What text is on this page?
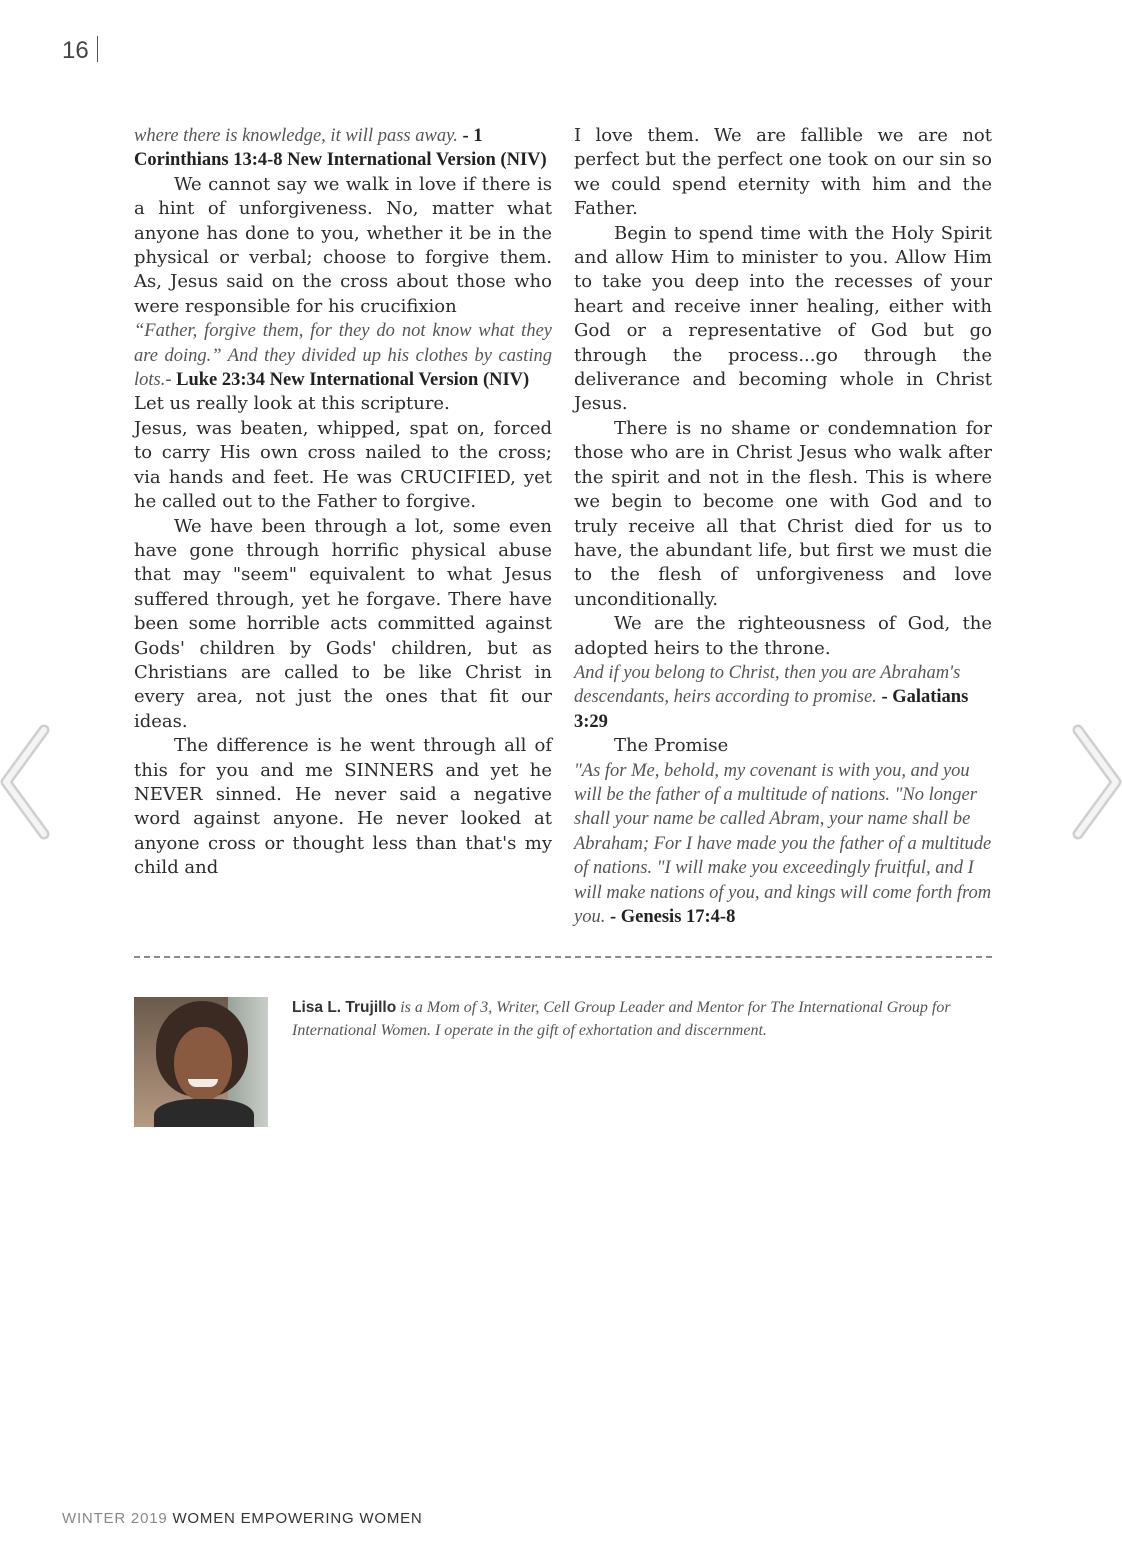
16

where there is knowledge, it will pass away. - 1 Corinthians 13:4-8 New International Version (NIV)

We cannot say we walk in love if there is a hint of unforgiveness. No, matter what anyone has done to you, whether it be in the physical or verbal; choose to forgive them. As, Jesus said on the cross about those who were responsible for his crucifixion

“Father, forgive them, for they do not know what they are doing.” And they divided up his clothes by casting lots.- Luke 23:34 New International Version (NIV)

Let us really look at this scripture.

Jesus, was beaten, whipped, spat on, forced to carry His own cross nailed to the cross; via hands and feet. He was CRUCIFIED, yet he called out to the Father to forgive.

We have been through a lot, some even have gone through horrific physical abuse that may "seem" equivalent to what Jesus suffered through, yet he forgave. There have been some horrible acts committed against Gods' children by Gods' children, but as Christians are called to be like Christ in every area, not just the ones that fit our ideas.

The difference is he went through all of this for you and me SINNERS and yet he NEVER sinned. He never said a negative word against anyone. He never looked at anyone cross or thought less than that's my child and

I love them. We are fallible we are not perfect but the perfect one took on our sin so we could spend eternity with him and the Father.

Begin to spend time with the Holy Spirit and allow Him to minister to you. Allow Him to take you deep into the recesses of your heart and receive inner healing, either with God or a representative of God but go through the process...go through the deliverance and becoming whole in Christ Jesus.

There is no shame or condemnation for those who are in Christ Jesus who walk after the spirit and not in the flesh. This is where we begin to become one with God and to truly receive all that Christ died for us to have, the abundant life, but first we must die to the flesh of unforgiveness and love unconditionally.

We are the righteousness of God, the adopted heirs to the throne.

And if you belong to Christ, then you are Abraham's descendants, heirs according to promise. - Galatians 3:29

The Promise

"As for Me, behold, my covenant is with you, and you will be the father of a multitude of nations. "No longer shall your name be called Abram, your name shall be Abraham; For I have made you the father of a multitude of nations. "I will make you exceedingly fruitful, and I will make nations of you, and kings will come forth from you. - Genesis 17:4-8

Lisa L. Trujillo is a Mom of 3, Writer, Cell Group Leader and Mentor for The International Group for International Women. I operate in the gift of exhortation and discernment.
WINTER 2019 WOMEN EMPOWERING WOMEN
